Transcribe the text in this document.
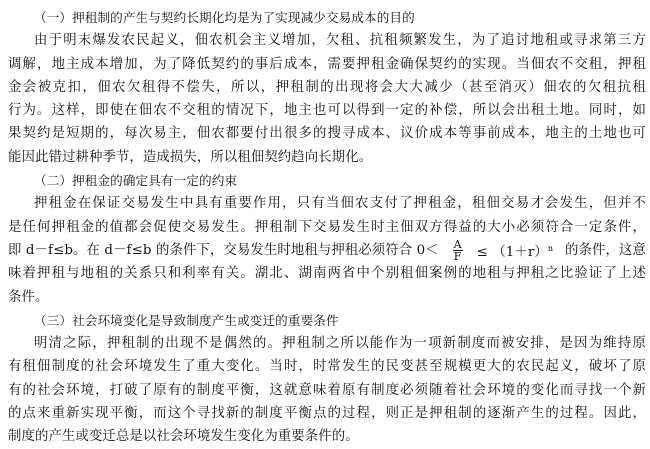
（一）押租制的产生与契约长期化均是为了实现减少交易成本的目的
由于明末爆发农民起义，佃农机会主义增加，欠租、抗租频繁发生，为了追讨地租或寻求第三方
调解，地主成本增加，为了降低契约的事后成本，需要押租金确保契约的实现。当佃农不交租，押租
金会被克扣，佃农欠租得不偿失，所以，押租制的出现将会大大减少（甚至消灭）佃农的欠租抗租
行为。这样，即使在佃农不交租的情况下，地主也可以得到一定的补偿，所以会出租土地。同时，如
果契约是短期的，每次易主，佃农都要付出很多的搜寻成本、议价成本等事前成本，地主的土地也可
能因此错过耕种季节，造成损失，所以租佃契约趋向长期化。
（二）押租金的确定具有一定的约束
押租金在保证交易发生中具有重要作用，只有当佃农支付了押租金，租佃交易才会发生，但并不
是任何押租金的值都会促使交易发生。押租制下交易发生时主佃双方得益的大小必须符合一定条件，
即 d－f≤b。在 d－f≤b 的条件下，交易发生时地租与押租必须符合 $0< \frac{A}{F} \le (1+r)^n$ 的条件，这意
味着押租与地租的关系只和利率有关。湖北、湖南两省中个别租佃案例的地租与押租之比验证了上述
条件。
（三）社会环境变化是导致制度产生或变迁的重要条件
明清之际，押租制的出现不是偶然的。押租制之所以能作为一项新制度而被安排，是因为维持原
有租佃制度的社会环境发生了重大变化。当时，时常发生的民变甚至规模更大的农民起义，破坏了原
有的社会环境，打破了原有的制度平衡，这就意味着原有制度必须随着社会环境的变化而寻找一个新
的点来重新实现平衡，而这个寻找新的制度平衡点的过程，则正是押租制的逐渐产生的过程。因此，
制度的产生或变迁总是以社会环境发生变化为重要条件的。
